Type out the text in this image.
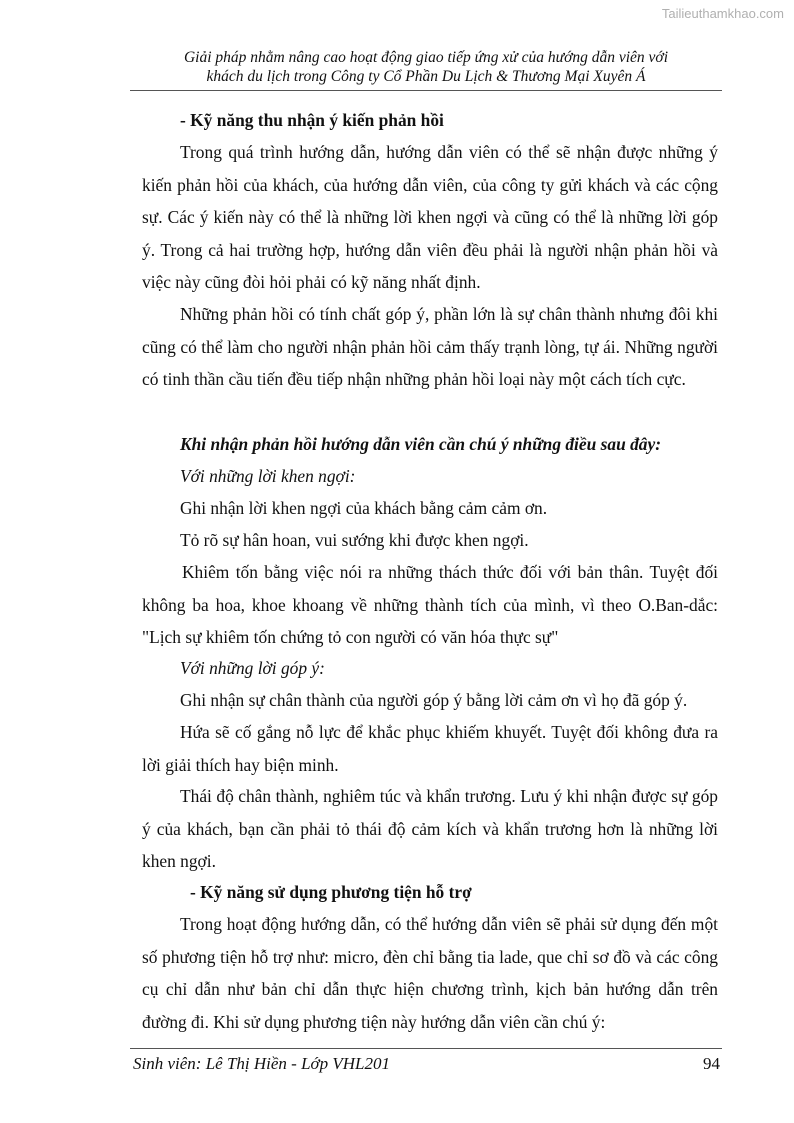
Tailieuthamkhao.com
Giải pháp nhằm nâng cao hoạt động giao tiếp ứng xử của hướng dẫn viên với
khách du lịch trong Công ty Cổ Phần Du Lịch & Thương Mại Xuyên Á
- Kỹ năng thu nhận ý kiến phản hồi
Trong quá trình hướng dẫn, hướng dẫn viên có thể sẽ nhận được những ý kiến phản hồi của khách, của hướng dẫn viên, của công ty gửi khách và các cộng sự. Các ý kiến này có thể là những lời khen ngợi và cũng có thể là những lời góp ý. Trong cả hai trường hợp, hướng dẫn viên đều phải là người nhận phản hồi và việc này cũng đòi hỏi phải có kỹ năng nhất định.
Những phản hồi có tính chất góp ý, phần lớn là sự chân thành nhưng đôi khi cũng có thể làm cho người nhận phản hồi cảm thấy trạnh lòng, tự ái. Những người có tinh thần cầu tiến đều tiếp nhận những phản hồi loại này một cách tích cực.
Khi nhận phản hồi hướng dẫn viên cần chú ý những điều sau đây:
Với những lời khen ngợi:
Ghi nhận lời khen ngợi của khách bằng cảm cảm ơn.
Tỏ rõ sự hân hoan, vui sướng khi được khen ngợi.
Khiêm tốn bằng việc nói ra những thách thức đối với bản thân. Tuyệt đối không ba hoa, khoe khoang về những thành tích của mình, vì theo O.Ban-dắc: "Lịch sự khiêm tốn chứng tỏ con người có văn hóa thực sự"
Với những lời góp ý:
Ghi nhận sự chân thành của người góp ý bằng lời cảm ơn vì họ đã góp ý.
Hứa sẽ cố gắng nỗ lực để khắc phục khiếm khuyết. Tuyệt đối không đưa ra lời giải thích hay biện minh.
Thái độ chân thành, nghiêm túc và khẩn trương. Lưu ý khi nhận được sự góp ý của khách, bạn cần phải tỏ thái độ cảm kích và khẩn trương hơn là những lời khen ngợi.
- Kỹ năng sử dụng phương tiện hỗ trợ
Trong hoạt động hướng dẫn, có thể hướng dẫn viên sẽ phải sử dụng đến một số phương tiện hỗ trợ như: micro, đèn chỉ bằng tia lade, que chỉ sơ đồ và các công cụ chỉ dẫn như bản chỉ dẫn thực hiện chương trình, kịch bản hướng dẫn trên đường đi. Khi sử dụng phương tiện này hướng dẫn viên cần chú ý:
Sinh viên: Lê Thị Hiền - Lớp VHL201	94
